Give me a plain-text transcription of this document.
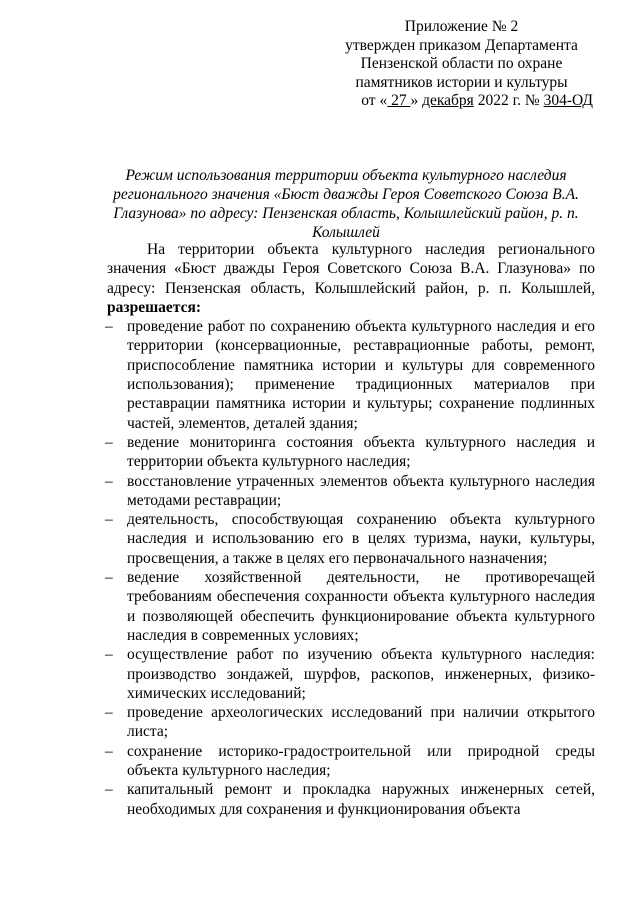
Приложение № 2
утвержден приказом Департамента
Пензенской области по охране
памятников истории и культуры
от « 27 » декабря 2022 г. № 304-ОД
Режим использования территории объекта культурного наследия регионального значения «Бюст дважды Героя Советского Союза В.А. Глазунова» по адресу: Пензенская область, Колышлейский район, р. п. Колышлей

На территории объекта культурного наследия регионального значения «Бюст дважды Героя Советского Союза В.А. Глазунова» по адресу: Пензенская область, Колышлейский район, р. п. Колышлей, разрешается:

– проведение работ по сохранению объекта культурного наследия и его территории (консервационные, реставрационные работы, ремонт, приспособление памятника истории и культуры для современного использования); применение традиционных материалов при реставрации памятника истории и культуры; сохранение подлинных частей, элементов, деталей здания;
– ведение мониторинга состояния объекта культурного наследия и территории объекта культурного наследия;
– восстановление утраченных элементов объекта культурного наследия методами реставрации;
– деятельность, способствующая сохранению объекта культурного наследия и использованию его в целях туризма, науки, культуры, просвещения, а также в целях его первоначального назначения;
– ведение хозяйственной деятельности, не противоречащей требованиям обеспечения сохранности объекта культурного наследия и позволяющей обеспечить функционирование объекта культурного наследия в современных условиях;
– осуществление работ по изучению объекта культурного наследия: производство зондажей, шурфов, раскопов, инженерных, физико-химических исследований;
– проведение археологических исследований при наличии открытого листа;
– сохранение историко-градостроительной или природной среды объекта культурного наследия;
– капитальный ремонт и прокладка наружных инженерных сетей, необходимых для сохранения и функционирования объекта
